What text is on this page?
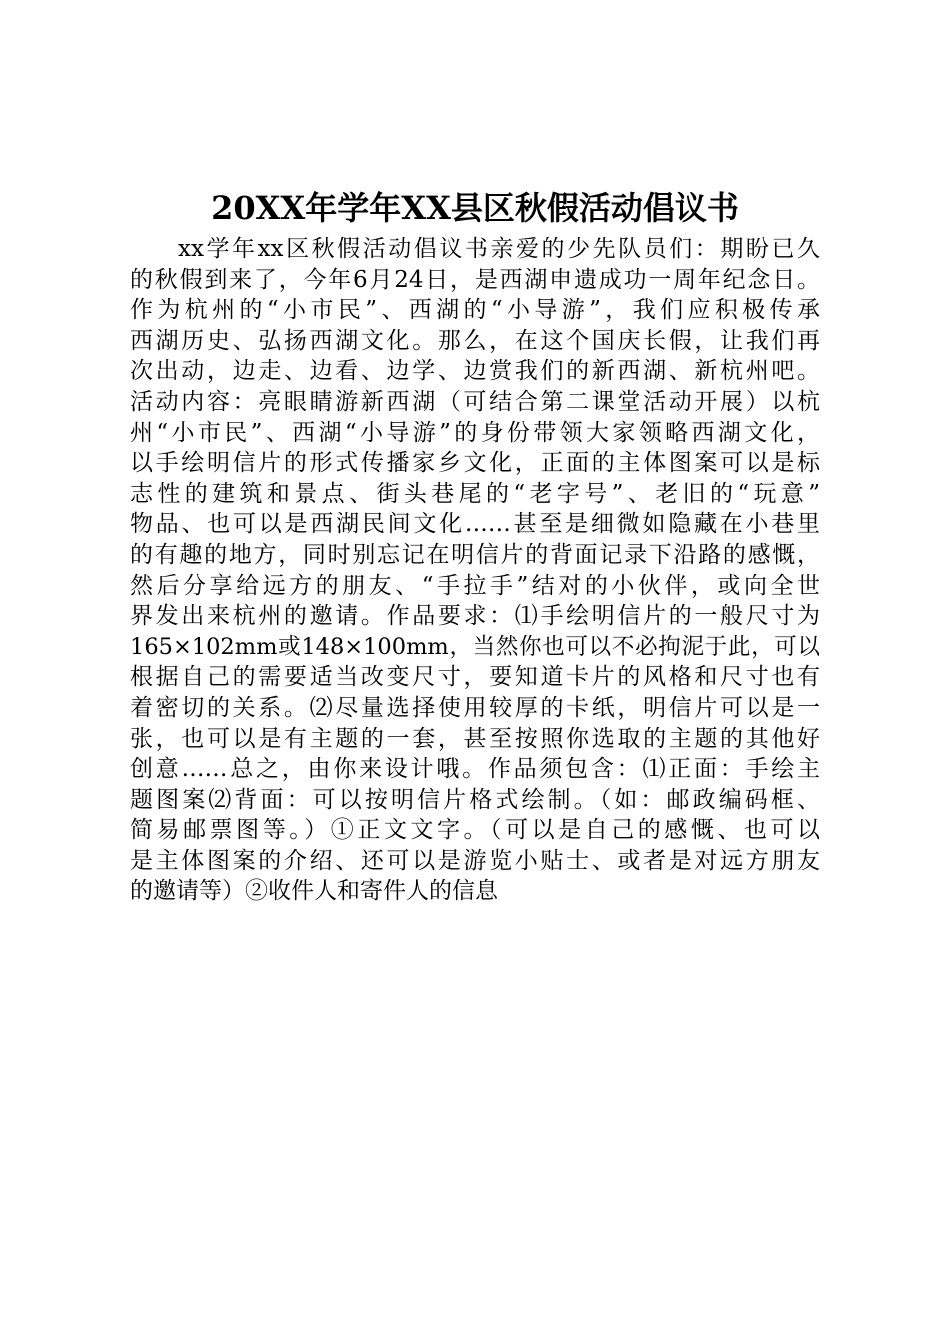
20XX年学年XX县区秋假活动倡议书
xx学年xx区秋假活动倡议书亲爱的少先队员们：期盼已久
的秋假到来了，今年6月24日，是西湖申遗成功一周年纪念日。
作为杭州的“小市民”、西湖的“小导游”，我们应积极传承
西湖历史、弘扬西湖文化。那么，在这个国庆长假，让我们再
次出动，边走、边看、边学、边赏我们的新西湖、新杭州吧。
活动内容：亮眼睛游新西湖（可结合第二课堂活动开展）以杭
州“小市民”、西湖“小导游”的身份带领大家领略西湖文化，
以手绘明信片的形式传播家乡文化，正面的主体图案可以是标
志性的建筑和景点、街头巷尾的“老字号”、老旧的“玩意”
物品、也可以是西湖民间文化……甚至是细微如隐藏在小巷里
的有趣的地方，同时别忘记在明信片的背面记录下沿路的感慨，
然后分享给远方的朋友、“手拉手”结对的小伙伴，或向全世
界发出来杭州的邀请。作品要求：⑴手绘明信片的一般尺寸为
165×102mm或148×100mm，当然你也可以不必拘泥于此，可以
根据自己的需要适当改变尺寸，要知道卡片的风格和尺寸也有
着密切的关系。⑵尽量选择使用较厚的卡纸，明信片可以是一
张，也可以是有主题的一套，甚至按照你选取的主题的其他好
创意……总之，由你来设计哦。作品须包含：⑴正面：手绘主
题图案⑵背面：可以按明信片格式绘制。（如：邮政编码框、
简易邮票图等。）①正文文字。（可以是自己的感慨、也可以
是主体图案的介绍、还可以是游览小贴士、或者是对远方朋友
的邀请等）②收件人和寄件人的信息
